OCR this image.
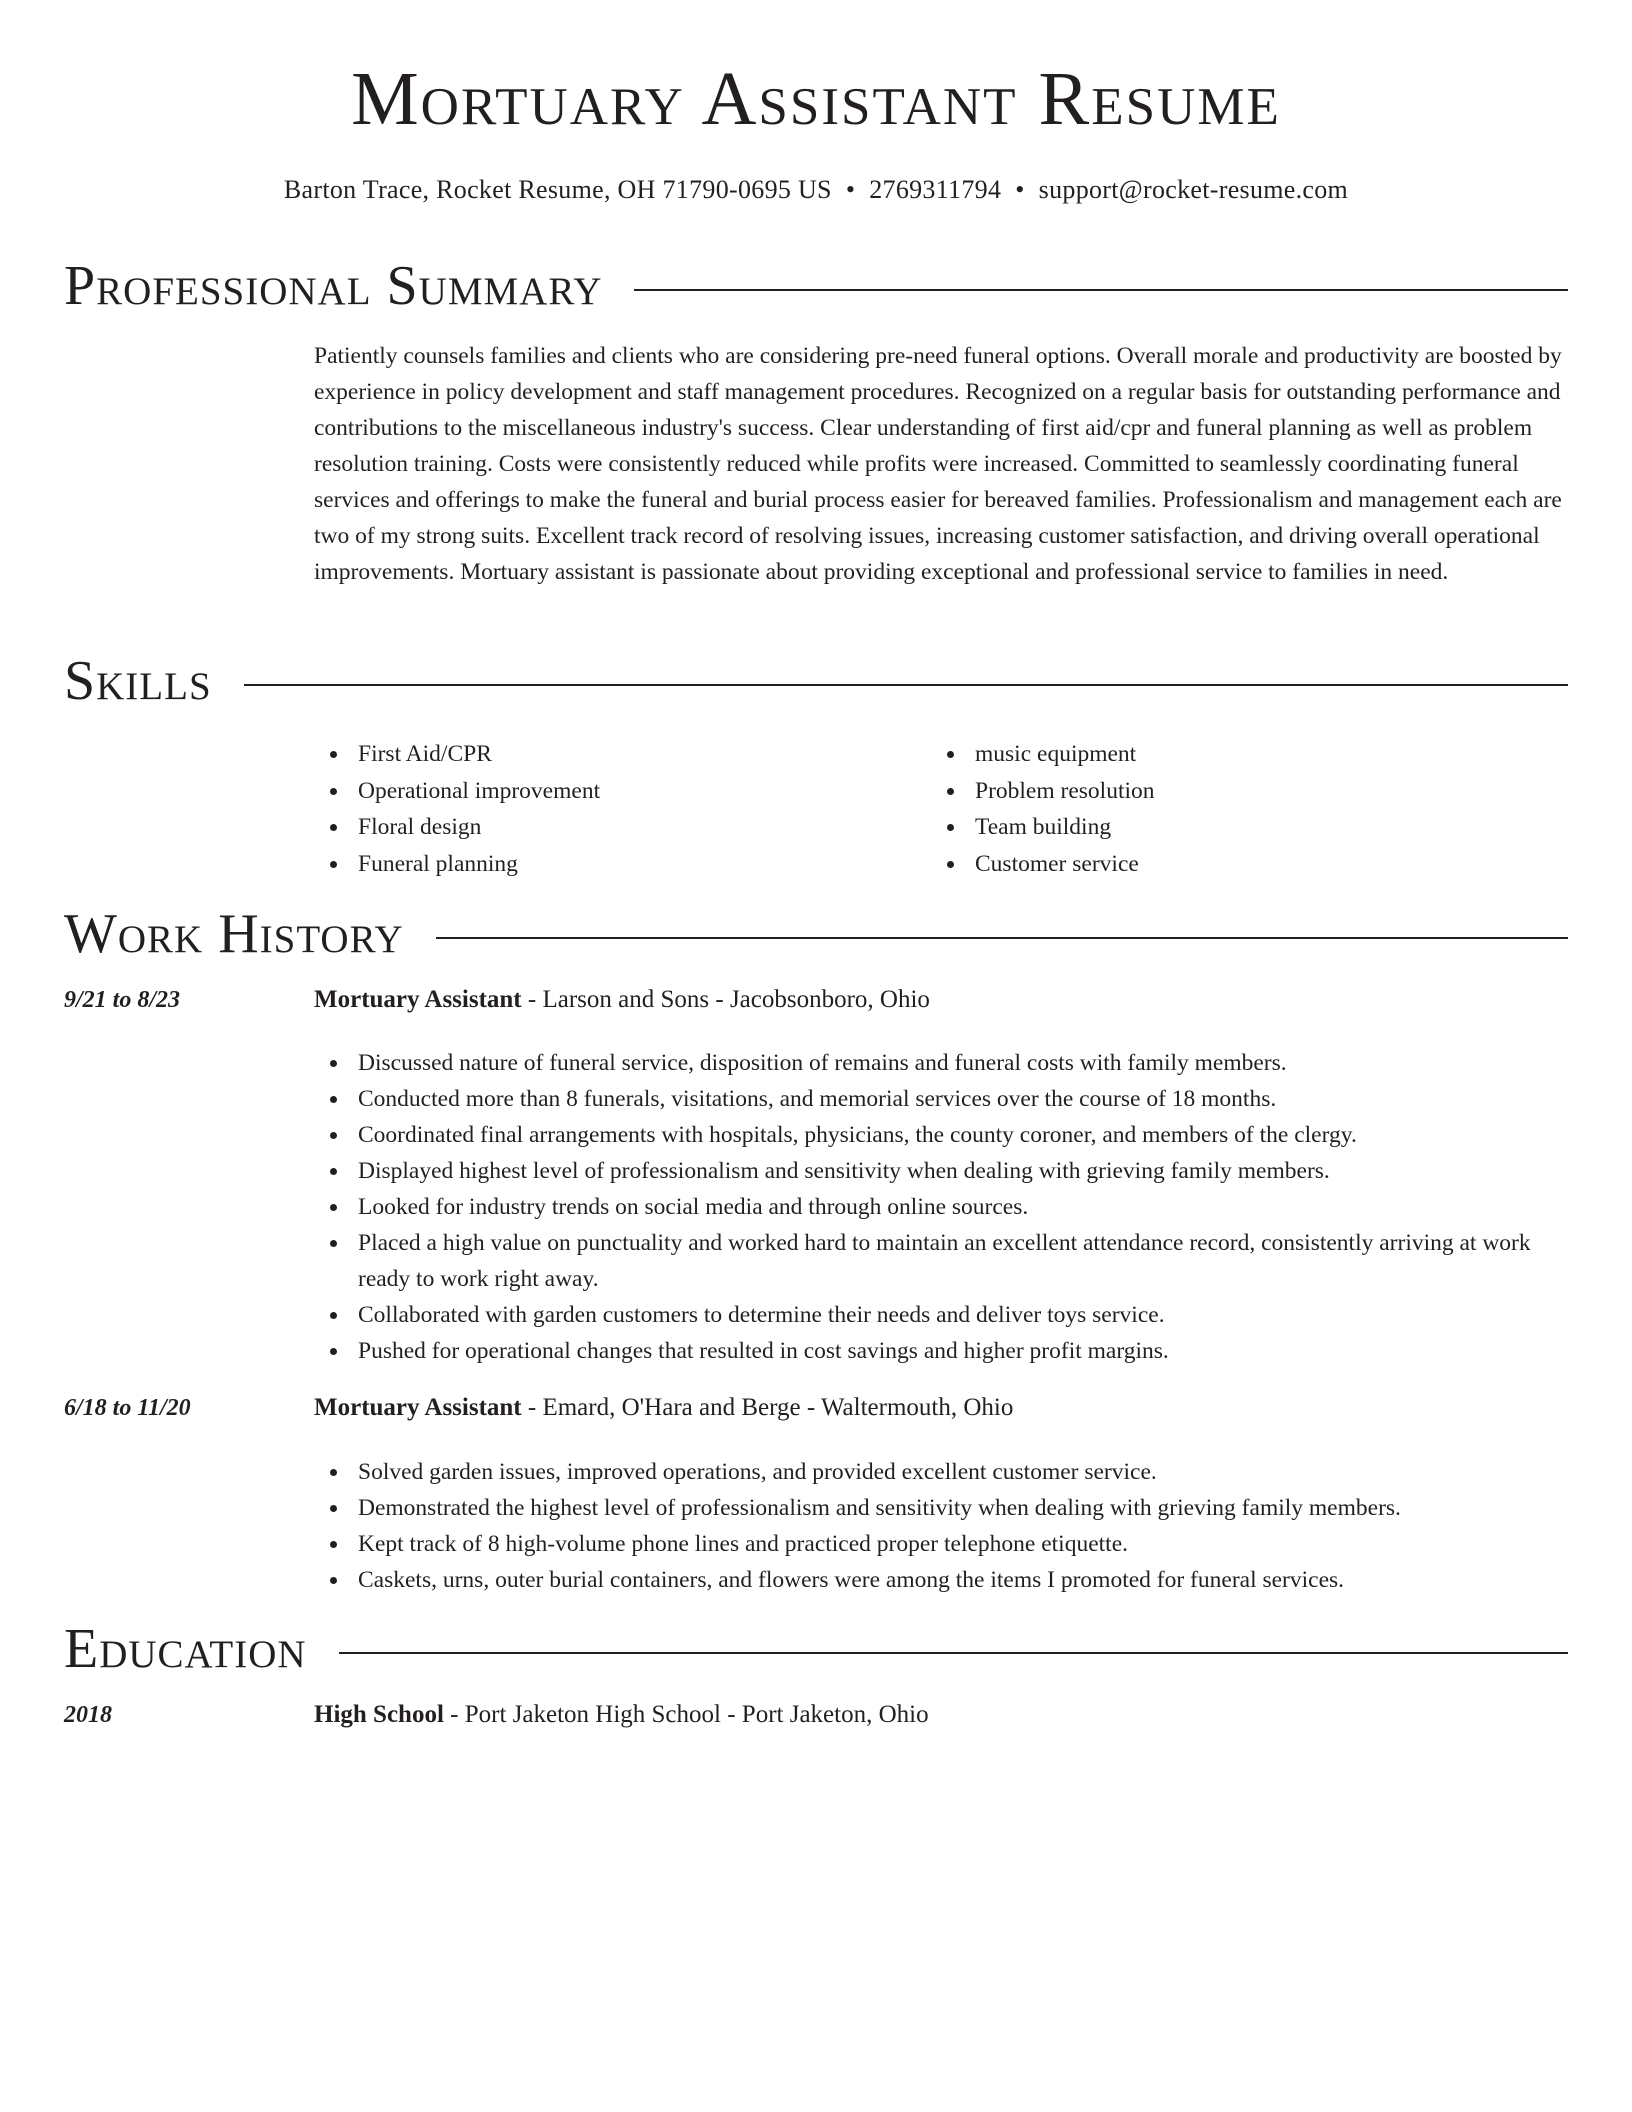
Mortuary Assistant Resume
Barton Trace, Rocket Resume, OH 71790-0695 US • 2769311794 • support@rocket-resume.com
Professional Summary

Patiently counsels families and clients who are considering pre-need funeral options. Overall morale and productivity are boosted by experience in policy development and staff management procedures. Recognized on a regular basis for outstanding performance and contributions to the miscellaneous industry's success. Clear understanding of first aid/cpr and funeral planning as well as problem resolution training. Costs were consistently reduced while profits were increased. Committed to seamlessly coordinating funeral services and offerings to make the funeral and burial process easier for bereaved families. Professionalism and management each are two of my strong suits. Excellent track record of resolving issues, increasing customer satisfaction, and driving overall operational improvements. Mortuary assistant is passionate about providing exceptional and professional service to families in need.

Skills
First Aid/CPR
Operational improvement
Floral design
Funeral planning
music equipment
Problem resolution
Team building
Customer service
Work History
9/21 to 8/23	Mortuary Assistant - Larson and Sons - Jacobsonboro, Ohio
Discussed nature of funeral service, disposition of remains and funeral costs with family members.
Conducted more than 8 funerals, visitations, and memorial services over the course of 18 months.
Coordinated final arrangements with hospitals, physicians, the county coroner, and members of the clergy.
Displayed highest level of professionalism and sensitivity when dealing with grieving family members.
Looked for industry trends on social media and through online sources.
Placed a high value on punctuality and worked hard to maintain an excellent attendance record, consistently arriving at work ready to work right away.
Collaborated with garden customers to determine their needs and deliver toys service.
Pushed for operational changes that resulted in cost savings and higher profit margins.
6/18 to 11/20	Mortuary Assistant - Emard, O'Hara and Berge - Waltermouth, Ohio
Solved garden issues, improved operations, and provided excellent customer service.
Demonstrated the highest level of professionalism and sensitivity when dealing with grieving family members.
Kept track of 8 high-volume phone lines and practiced proper telephone etiquette.
Caskets, urns, outer burial containers, and flowers were among the items I promoted for funeral services.
Education
2018	High School - Port Jaketon High School - Port Jaketon, Ohio
